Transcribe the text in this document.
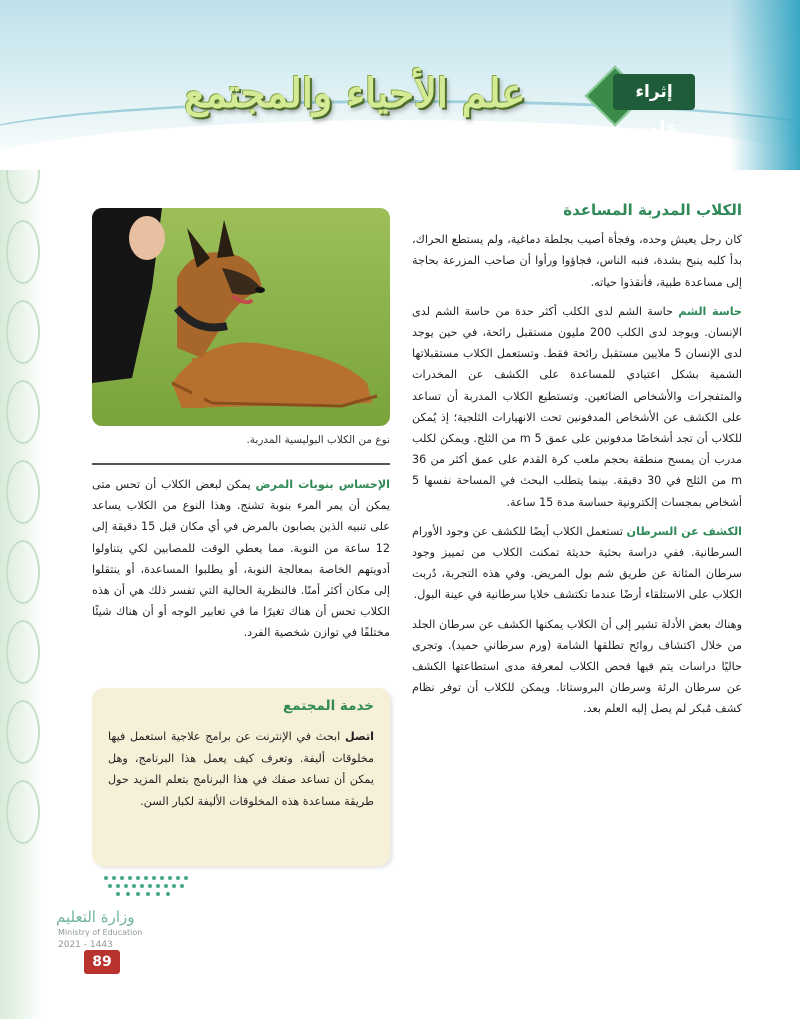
إثراء علمي
علم الأحياء والمجتمع
الكلاب المدربة المساعدة

كان رجل يعيش وحده، وفجأة أصيب بجلطة دماغية، ولم يستطع الحراك، بدأ كلبه ينبح بشدة، فنبه الناس، فجاؤوا ورأوا أن صاحب المزرعة بحاجة إلى مساعدة طبية، فأنقذوا حياته.

حاسة الشم حاسة الشم لدى الكلب أكثر حدة من حاسة الشم لدى الإنسان. ويوجد لدى الكلب 200 مليون مستقبل رائحة، في حين يوجد لدى الإنسان 5 ملايين مستقبل رائحة فقط. وتستعمل الكلاب مستقبلاتها الشمية بشكل اعتيادي للمساعدة على الكشف عن المخدرات والمتفجرات والأشخاص الضائعين. وتستطيع الكلاب المدربة أن تساعد على الكشف عن الأشخاص المدفونين تحت الانهيارات الثلجية؛ إذ يُمكن للكلاب أن تجد أشخاصًا مدفونين على عمق 5 m من الثلج. ويمكن لكلب مدرب أن يمسح منطقة بحجم ملعب كرة القدم على عمق أكثر من 36 m من الثلج في 30 دقيقة. بينما يتطلب البحث في المساحة نفسها 5 أشخاص بمجسات إلكترونية حساسة مدة 15 ساعة.

الكشف عن السرطان تستعمل الكلاب أيضًا للكشف عن وجود الأورام السرطانية. ففي دراسة بحثية حديثة تمكنت الكلاب من تمييز وجود سرطان المثانة عن طريق شم بول المريض. وفي هذه التجربة، دُربت الكلاب على الاستلقاء أرضًا عندما تكتشف خلايا سرطانية في عينة البول.

وهناك بعض الأدلة تشير إلى أن الكلاب يمكنها الكشف عن سرطان الجلد من خلال اكتشاف روائح تطلقها الشامة (ورم سرطاني حميد). وتجرى حاليًا دراسات يتم فيها فحص الكلاب لمعرفة مدى استطاعتها الكشف عن سرطان الرئة وسرطان البروستاتا. ويمكن للكلاب أن توفر نظام كشف مُبكر لم يصل إليه العلم بعد.

نوع من الكلاب البوليسية المدربة.
الإحساس بنوبات المرض يمكن لبعض الكلاب أن تحس متى يمكن أن يمر المرء بنوبة تشنج. وهذا النوع من الكلاب يساعد على تنبيه الذين يصابون بالمرض في أي مكان قبل 15 دقيقة إلى 12 ساعة من النوبة. مما يعطي الوقت للمصابين لكي يتناولوا أدويتهم الخاصة بمعالجة النوبة، أو يطلبوا المساعدة، أو ينتقلوا إلى مكان أكثر أمنًا. فالنظرية الحالية التي تفسر ذلك هي أن هذه الكلاب تحس أن هناك تغيرًا ما في تعابير الوجه أو أن هناك شيئًا مختلفًا في توازن شخصية الفرد.
خدمة المجتمع
اتصل ابحث في الإنترنت عن برامج علاجية استعمل فيها مخلوقات أليفة. وتعرف كيف يعمل هذا البرنامج، وهل يمكن أن تساعد صفك في هذا البرنامج بتعلم المزيد حول طريقة مساعدة هذه المخلوقات الأليفة لكبار السن.
وزارة التعليم
Ministry of Education
2021 - 1443
89
